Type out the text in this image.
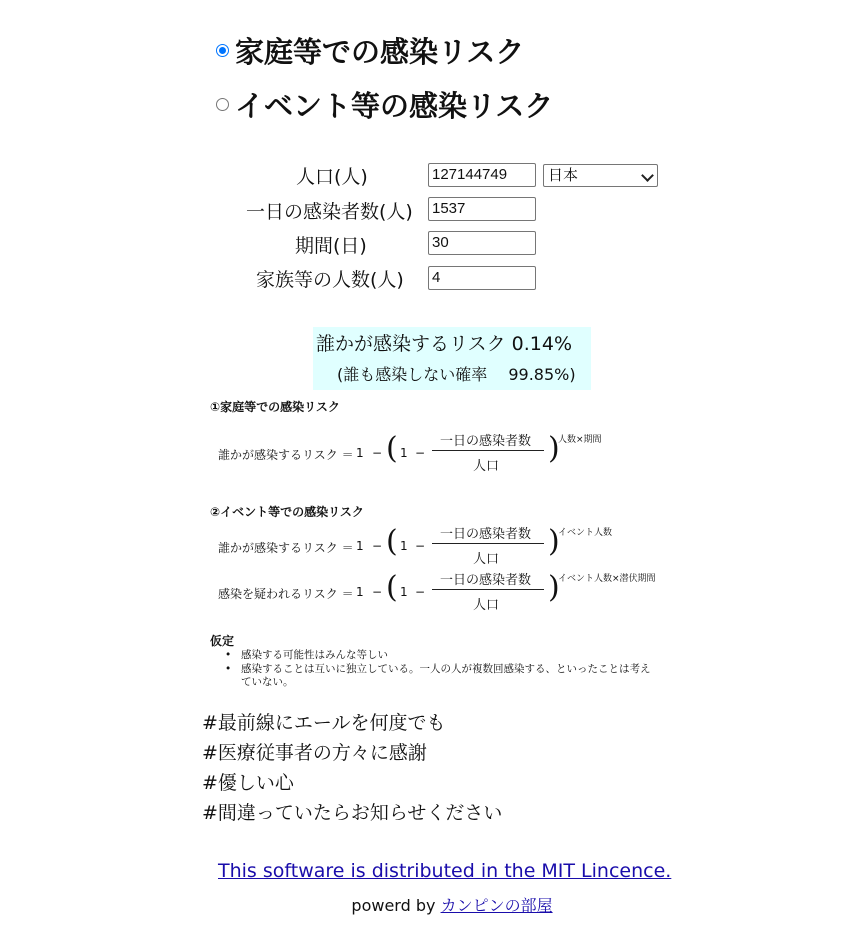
家庭等での感染リスク
イベント等の感染リスク
人口(人)	127144749	日本
一日の感染者数(人) 1537
期間(日)	30
家族等の人数(人) 4
誰かが感染するリスク 0.14%
(誰も感染しない確率　 99.85%)
①家庭等での感染リスク
誰かが感染するリスク ＝ 1 − ( 1 −
一日の感染者数
人口
)
人数×期間
②イベント等での感染リスク
誰かが感染するリスク ＝ 1 − ( 1 −
一日の感染者数
人口
)
イベント人数
感染を疑われるリスク ＝ 1 − ( 1 −
一日の感染者数
人口
)
イベント人数×潜伏期間
仮定
• 感染する可能性はみんな等しい
• 感染することは互いに独立している。一人の人が複数回感染する、といったことは考えていない。
#最前線にエールを何度でも
#医療従事者の方々に感謝
#優しい心
#間違っていたらお知らせください
This software is distributed in the MIT Lincence.
powerd by カンピンの部屋
